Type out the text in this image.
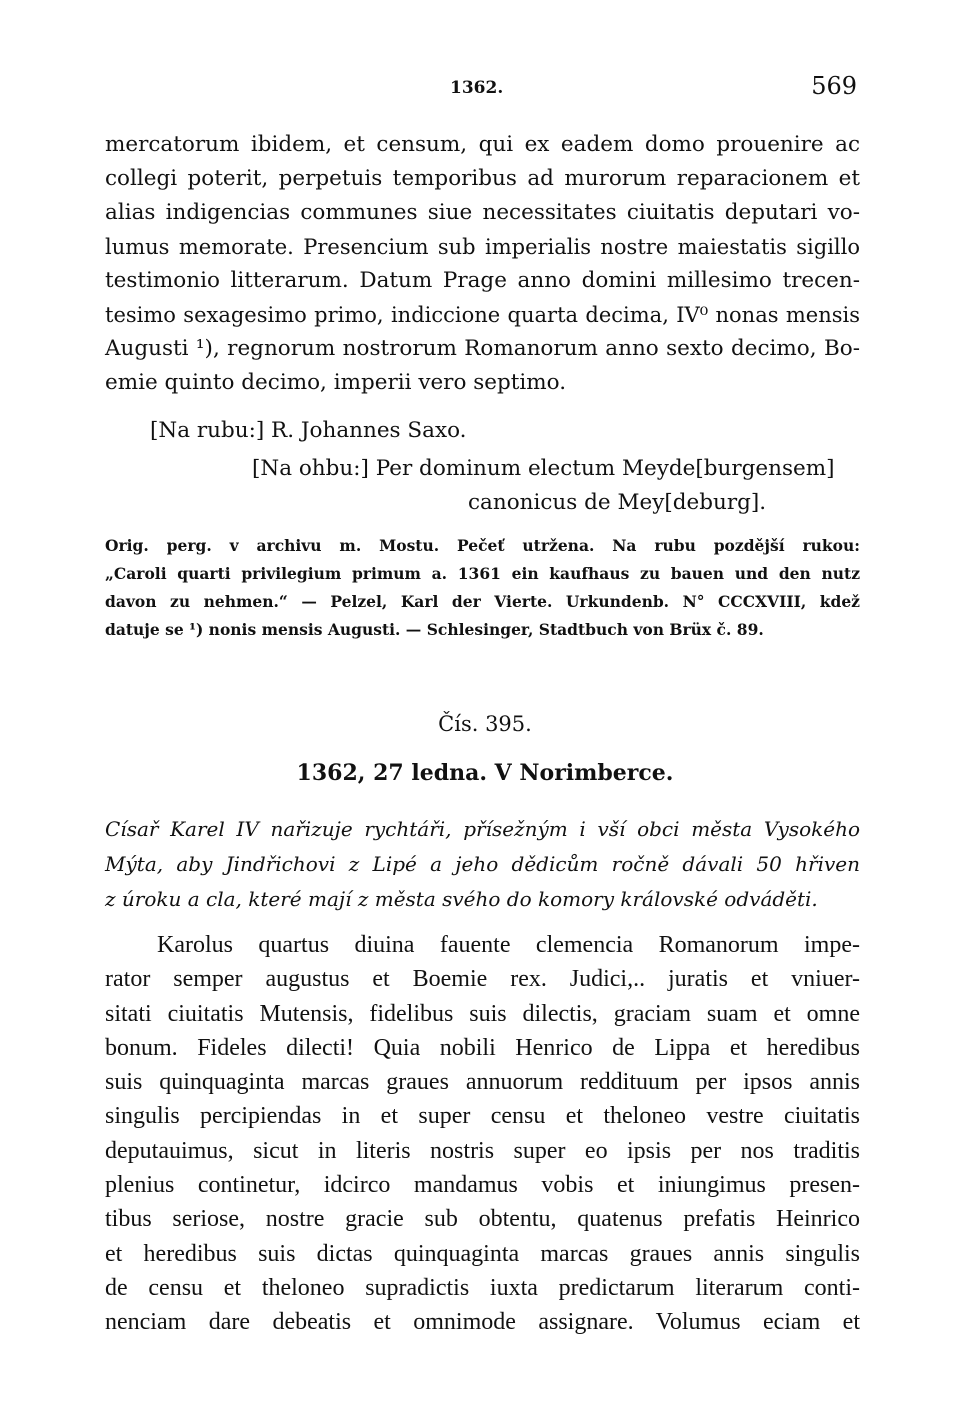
1362.	569
mercatorum ibidem, et censum, qui ex eadem domo prouenire ac
collegi poterit, perpetuis temporibus ad murorum reparacionem et
alias indigencias communes siue necessitates ciuitatis deputari vo-
lumus memorate. Presencium sub imperialis nostre maiestatis sigillo
testimonio litterarum. Datum Prage anno domini millesimo trecen-
tesimo sexagesimo primo, indiccione quarta decima, IV⁰ nonas mensis
Augusti ¹), regnorum nostrorum Romanorum anno sexto decimo, Bo-
emie quinto decimo, imperii vero septimo.
[Na rubu:] R. Johannes Saxo.
[Na ohbu:] Per dominum electum Meyde[burgensem]
canonicus de Mey[deburg].
Orig. perg. v archivu m. Mostu. Pečeť utržena. Na rubu pozdější rukou:
„Caroli quarti privilegium primum a. 1361 ein kaufhaus zu bauen und den nutz
davon zu nehmen.“ — Pelzel, Karl der Vierte. Urkundenb. N° CCCXVIII, kdež
datuje se ¹) nonis mensis Augusti. — Schlesinger, Stadtbuch von Brüx č. 89.
Čís. 395.
1362, 27 ledna. V Norimberce.
Císař Karel IV nařizuje rychtáři, přísežným i vší obci města Vysokého
Mýta, aby Jindřichovi z Lipé a jeho dědicům ročně dávali 50 hřiven
z úroku a cla, které mají z města svého do komory královské odváděti.
Karolus quartus diuina fauente clemencia Romanorum impe-
rator semper augustus et Boemie rex. Judici,.. juratis et vniuer-
sitati ciuitatis Mutensis, fidelibus suis dilectis, graciam suam et omne
bonum. Fideles dilecti! Quia nobili Henrico de Lippa et heredibus
suis quinquaginta marcas graues annuorum reddituum per ipsos annis
singulis percipiendas in et super censu et theloneo vestre ciuitatis
deputauimus, sicut in literis nostris super eo ipsis per nos traditis
plenius continetur, idcirco mandamus vobis et iniungimus presen-
tibus seriose, nostre gracie sub obtentu, quatenus prefatis Heinrico
et heredibus suis dictas quinquaginta marcas graues annis singulis
de censu et theloneo supradictis iuxta predictarum literarum conti-
nenciam dare debeatis et omnimode assignare. Volumus eciam et
